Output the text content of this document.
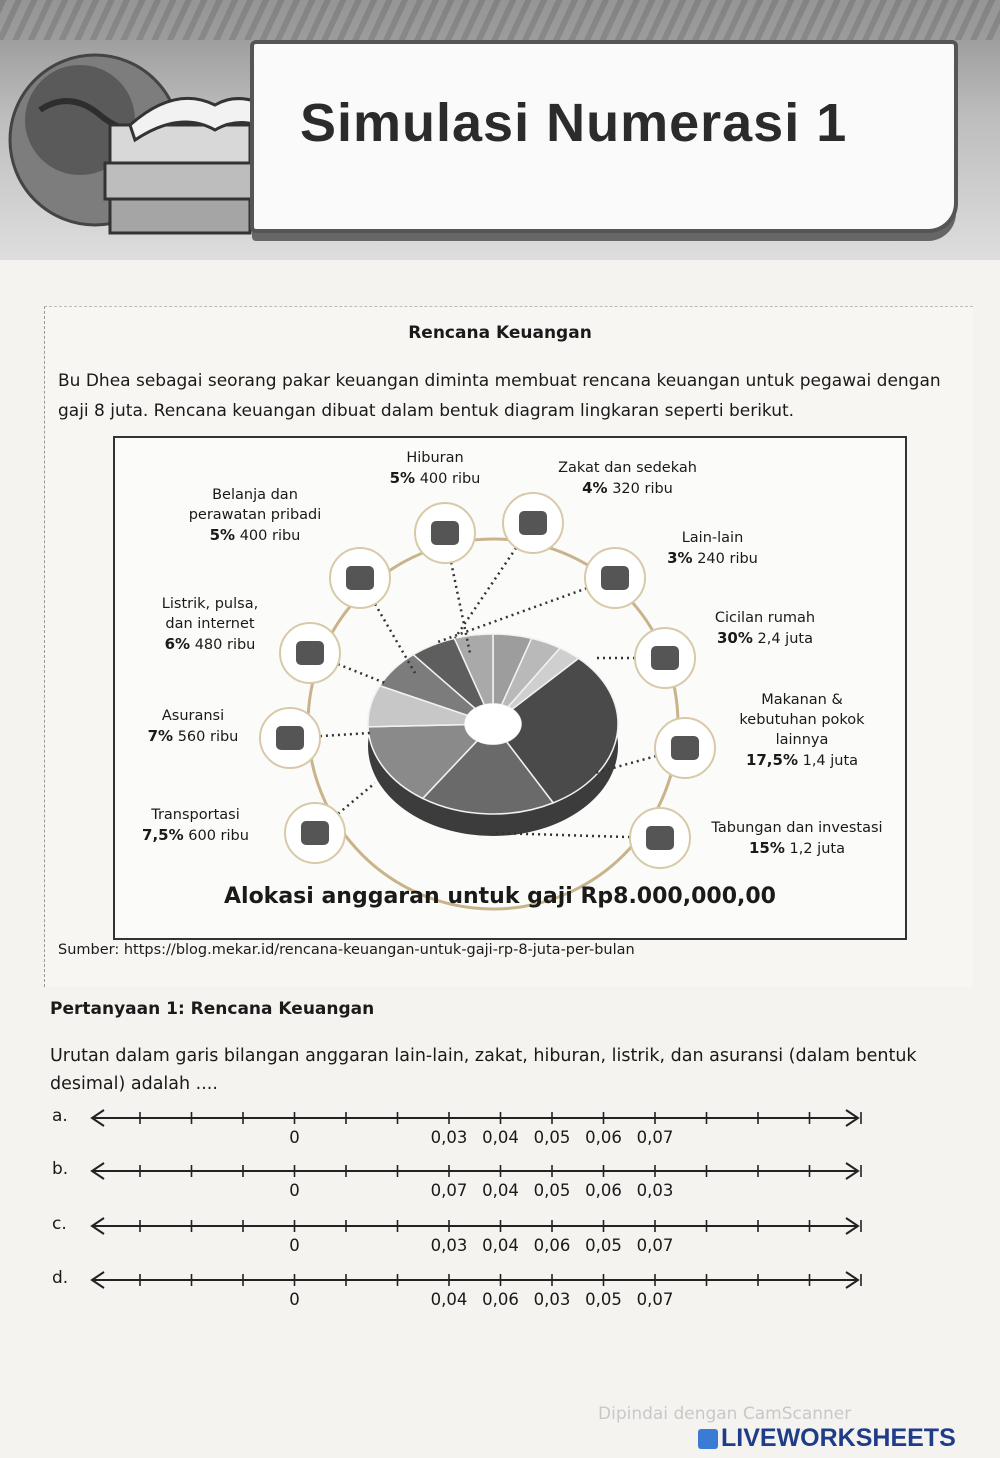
Simulasi Numerasi 1
Rencana Keuangan
Bu Dhea sebagai seorang pakar keuangan diminta membuat rencana keuangan untuk pegawai dengan gaji 8 juta. Rencana keuangan dibuat dalam bentuk diagram lingkaran seperti berikut.
Hiburan
5% 400 ribu
Zakat dan sedekah
4% 320 ribu
Lain-lain
3% 240 ribu
Cicilan rumah
30% 2,4 juta
Makanan &
kebutuhan pokok
lainnya
17,5% 1,4 juta
Tabungan dan investasi
15% 1,2 juta
Transportasi
7,5% 600 ribu
Asuransi
7% 560 ribu
Listrik, pulsa,
dan internet
6% 480 ribu
Belanja dan
perawatan pribadi
5% 400 ribu
Alokasi anggaran untuk gaji Rp8.000,000,00
Sumber: https://blog.mekar.id/rencana-keuangan-untuk-gaji-rp-8-juta-per-bulan
Pertanyaan 1: Rencana Keuangan
Urutan dalam garis bilangan anggaran lain-lain, zakat, hiburan, listrik, dan asuransi (dalam bentuk desimal) adalah ....
a.
0	0,03 0,04 0,05 0,06 0,07
b.
0	0,07 0,04 0,05 0,06 0,03
c.
0	0,03 0,04 0,06 0,05 0,07
d.
0	0,04 0,06 0,03 0,05 0,07
Dipindai dengan CamScanner
LIVEWORKSHEETS
